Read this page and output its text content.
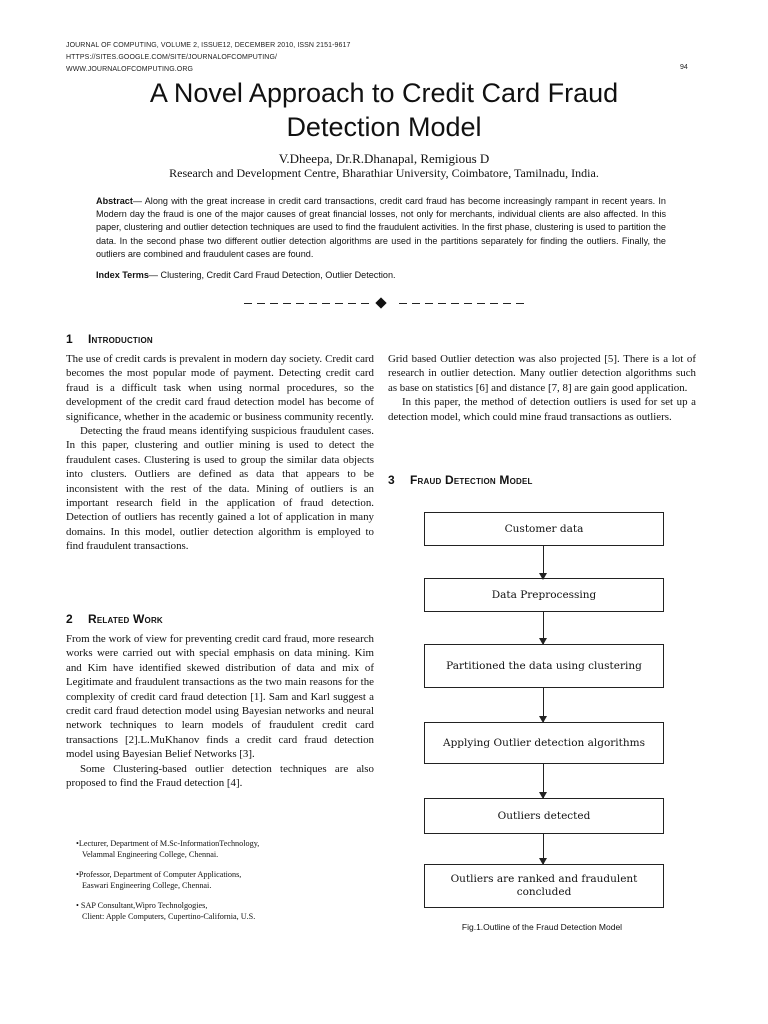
JOURNAL OF COMPUTING, VOLUME 2, ISSUE12, DECEMBER 2010, ISSN 2151-9617
HTTPS://SITES.GOOGLE.COM/SITE/JOURNALOFCOMPUTING/
WWW.JOURNALOFCOMPUTING.ORG	94
A Novel Approach to Credit Card Fraud
Detection Model
V.Dheepa, Dr.R.Dhanapal, Remigious D
Research and Development Centre, Bharathiar University, Coimbatore, Tamilnadu, India.
Abstract— Along with the great increase in credit card transactions, credit card fraud has become increasingly rampant in recent years. In Modern day the fraud is one of the major causes of great financial losses, not only for merchants, individual clients are also affected. In this paper, clustering and outlier detection techniques are used to find the fraudulent activities. In the first phase, clustering is used to partition the data. In the second phase two different outlier detection algorithms are used in the partitions separately for finding the outliers. Finally, the outliers are combined and fraudulent cases are found.
Index Terms— Clustering, Credit Card Fraud Detection, Outlier Detection.
1 Introduction

The use of credit cards is prevalent in modern day society. Credit card becomes the most popular mode of payment. Detecting credit card fraud is a difficult task when using normal procedures, so the development of the credit card fraud detection model has become of significance, whether in the academic or business community recently.

Detecting the fraud means identifying suspicious fraudulent cases. In this paper, clustering and outlier mining is used to detect the fraudulent cases. Clustering is used to group the similar data objects into clusters. Outliers are defined as data that appears to be inconsistent with the rest of the data. Mining of outliers is an important research field in the application of fraud detection. Detection of outliers has recently gained a lot of application in many domains. In this model, outlier detection algorithm is employed to find fraudulent transactions.

2 Related Work

From the work of view for preventing credit card fraud, more research works were carried out with special emphasis on data mining. Kim and Kim have identified skewed distribution of data and mix of Legitimate and fraudulent transactions as the two main reasons for the complexity of credit card fraud detection [1]. Sam and Karl suggest a credit card fraud detection model using Bayesian networks and neural network techniques to learn models of fraudulent credit card transactions [2].L.MuKhanov finds a credit card fraud detection model using Bayesian Belief Networks [3].

Some Clustering-based outlier detection techniques are also proposed to find the Fraud detection [4].

•Lecturer, Department of M.Sc-InformationTechnology,
Velammal Engineering College, Chennai.
•Professor, Department of Computer Applications,
Easwari Engineering College, Chennai.
• SAP Consultant,Wipro Technolgogies,
Client: Apple Computers, Cupertino-California, U.S.

Grid based Outlier detection was also projected [5]. There is a lot of research in outlier detection. Many outlier detection algorithms such as base on statistics [6] and distance [7, 8] are gain good application.

In this paper, the method of detection outliers is used for set up a detection model, which could mine fraud transactions as outliers.

3 Fraud Detection Model
Customer data
Data Preprocessing
Partitioned the data using clustering
Applying Outlier detection algorithms
Outliers detected
Outliers are ranked and fraudulent concluded
Fig.1.Outline of the Fraud Detection Model
